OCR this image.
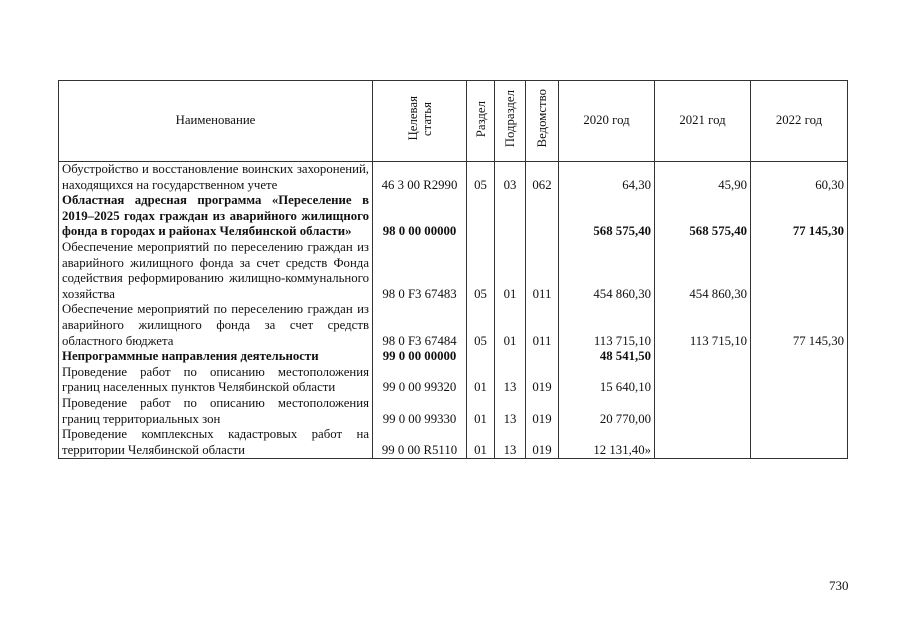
Наименование	Целевая статья	Раздел	Подраздел	Ведомство	2020 год	2021 год	2022 год
Обустройство и восстановление воинских захоронений, находящихся на государственном учете	46 3 00 R2990	05	03	062	64,30	45,90	60,30
Областная адресная программа «Переселение в 2019–2025 годах граждан из аварийного жилищного фонда в городах и районах Челябинской области»	98 0 00 00000				568 575,40	568 575,40	77 145,30
Обеспечение мероприятий по переселению граждан из аварийного жилищного фонда за счет средств Фонда содействия реформированию жилищно-коммунального хозяйства	98 0 F3 67483	05	01	011	454 860,30	454 860,30	
Обеспечение мероприятий по переселению граждан из аварийного жилищного фонда за счет средств областного бюджета	98 0 F3 67484	05	01	011	113 715,10	113 715,10	77 145,30
Непрограммные направления деятельности	99 0 00 00000				48 541,50		
Проведение работ по описанию местоположения границ населенных пунктов Челябинской области	99 0 00 99320	01	13	019	15 640,10		
Проведение работ по описанию местоположения границ территориальных зон	99 0 00 99330	01	13	019	20 770,00		
Проведение комплексных кадастровых работ на территории Челябинской области	99 0 00 R5110	01	13	019	12 131,40»		
730
